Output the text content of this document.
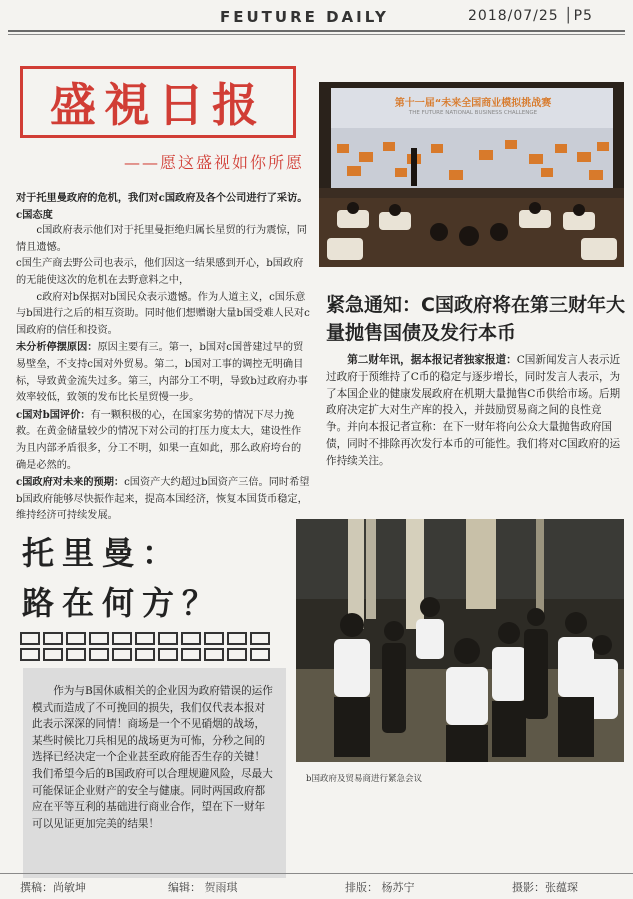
FEUTURE DAILY	2018/07/25 │P5
盛視日报
——愿这盛视如你所愿
第十一届“未来全国商业模拟挑战赛
THE FUTURE NATIONAL BUSINESS CHALLENGE
紧急通知：C国政府将在第三财年大量抛售国债及发行本币
第二财年讯，据本报记者独家报道：C国新闻发言人表示近过政府于预维持了C币的稳定与逐步增长，同时发言人表示，为了本国企业的健康发展政府在机期大量抛售C币供给市场。后期政府决定扩大对生产库的投入，并鼓励贸易商之间的良性竞争。并向本报记者宣称：在下一财年将向公众大量抛售政府国债，同时不排除再次发行本币的可能性。我们将对C国政府的运作持续关注。

对于托里曼政府的危机，我们对c国政府及各个公司进行了采访。

c国态度

c国政府表示他们对于托里曼拒绝归属长星贸的行为震惊，同情且遗憾。

c国生产商去野公司也表示，他们因这一结果感到开心，b国政府的无能使这次的危机在去野意料之中，

c政府对b保据对b国民众表示遗憾。作为人道主义，c国乐意与b国进行之后的相互资助。同时他们想赠谢大量b国受难人民对c国政府的信任和投资。

未分析停摆原因：原因主要有三。第一，b国对c国普建过早的贸易壁垒，不支持c国对外贸易。第二，b国对工事的调控无明确目标，导致黄金流失过多。第三，内部分工不明，导致b过政府办事效率较低，致领的发布比长星贸慢一步。

c国对b国评价：有一颗积极的心，在国家劣势的情况下尽力挽救。在黄金储量较少的情况下对公司的打压力度太大，建设性作为且内部矛盾很多，分工不明，如果一直如此，那么政府垮台的确是必然的。

c国政府对未来的预期：c国资产大约超过b国资产三倍。同时希望b国政府能够尽快振作起来，提高本国经济，恢复本国货币稳定，维持经济可持续发展。

托里曼：
路在何方？
作为与B国休戚相关的企业因为政府错误的运作模式而造成了不可挽回的损失，我们仅代表本报对此表示深深的同情！商场是一个不见硝烟的战场，某些时候比刀兵相见的战场更为可怖，分秒之间的选择已经决定一个企业甚至政府能否生存的关键！我们希望今后的B国政府可以合理规避风险，尽最大可能保证企业财产的安全与健康。同时两国政府都应在平等互利的基础进行商业合作，望在下一财年可以见证更加完美的结果！
b国政府及贸易商进行紧急会议
撰稿：尚敏坤	编辑： 贺雨琪	排版： 杨苏宁	摄影：张蕴琛
